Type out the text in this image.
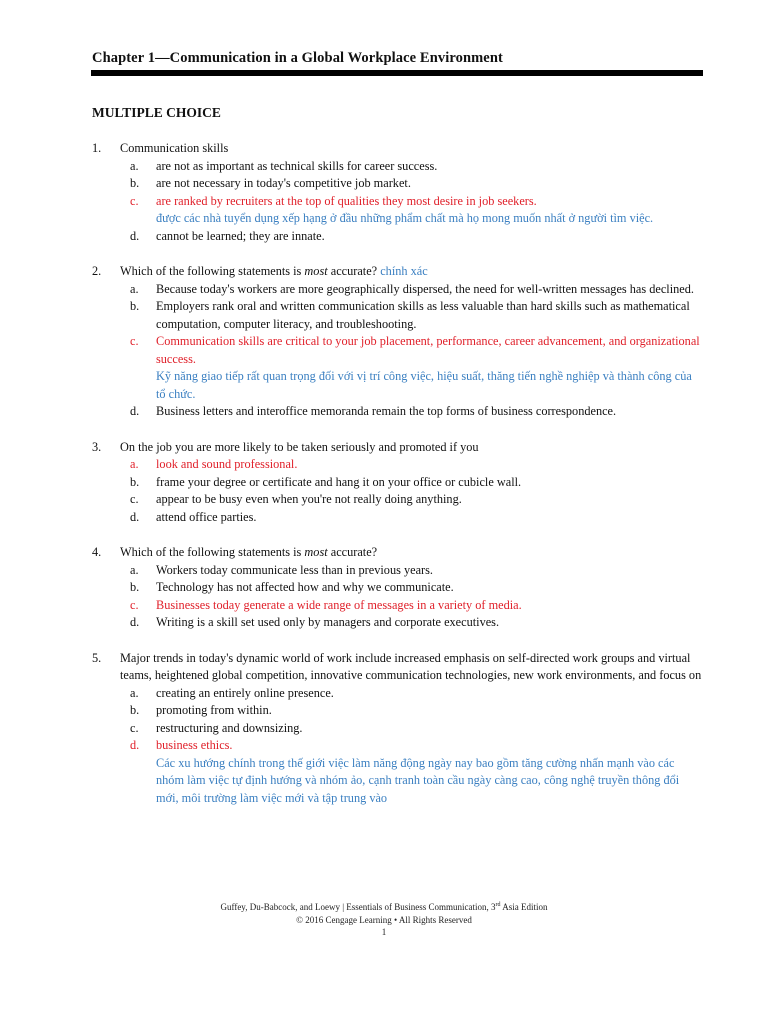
Chapter 1—Communication in a Global Workplace Environment
MULTIPLE CHOICE
1.	Communication skills
a.	are not as important as technical skills for career success.
b.	are not necessary in today's competitive job market.
c.	are ranked by recruiters at the top of qualities they most desire in job seekers.
được các nhà tuyển dụng xếp hạng ở đầu những phẩm chất mà họ mong muốn nhất ở người tìm việc.
d.	cannot be learned; they are innate.
2.	Which of the following statements is most accurate? chính xác
a.	Because today's workers are more geographically dispersed, the need for well-written messages has declined.
b.	Employers rank oral and written communication skills as less valuable than hard skills such as mathematical computation, computer literacy, and troubleshooting.
c.	Communication skills are critical to your job placement, performance, career advancement, and organizational success.
Kỹ năng giao tiếp rất quan trọng đối với vị trí công việc, hiệu suất, thăng tiến nghề nghiệp và thành công của tổ chức.
d.	Business letters and interoffice memoranda remain the top forms of business correspondence.
3.	On the job you are more likely to be taken seriously and promoted if you
a.	look and sound professional.
b.	frame your degree or certificate and hang it on your office or cubicle wall.
c.	appear to be busy even when you're not really doing anything.
d.	attend office parties.
4.	Which of the following statements is most accurate?
a.	Workers today communicate less than in previous years.
b.	Technology has not affected how and why we communicate.
c.	Businesses today generate a wide range of messages in a variety of media.
d.	Writing is a skill set used only by managers and corporate executives.
5.	Major trends in today's dynamic world of work include increased emphasis on self-directed work groups and virtual teams, heightened global competition, innovative communication technologies, new work environments, and focus on
a.	creating an entirely online presence.
b.	promoting from within.
c.	restructuring and downsizing.
d.	business ethics.
Các xu hướng chính trong thế giới việc làm năng động ngày nay bao gồm tăng cường nhấn mạnh vào các nhóm làm việc tự định hướng và nhóm ảo, cạnh tranh toàn cầu ngày càng cao, công nghệ truyền thông đổi mới, môi trường làm việc mới và tập trung vào
Guffey, Du-Babcock, and Loewy | Essentials of Business Communication, 3rd Asia Edition
© 2016 Cengage Learning • All Rights Reserved
1
